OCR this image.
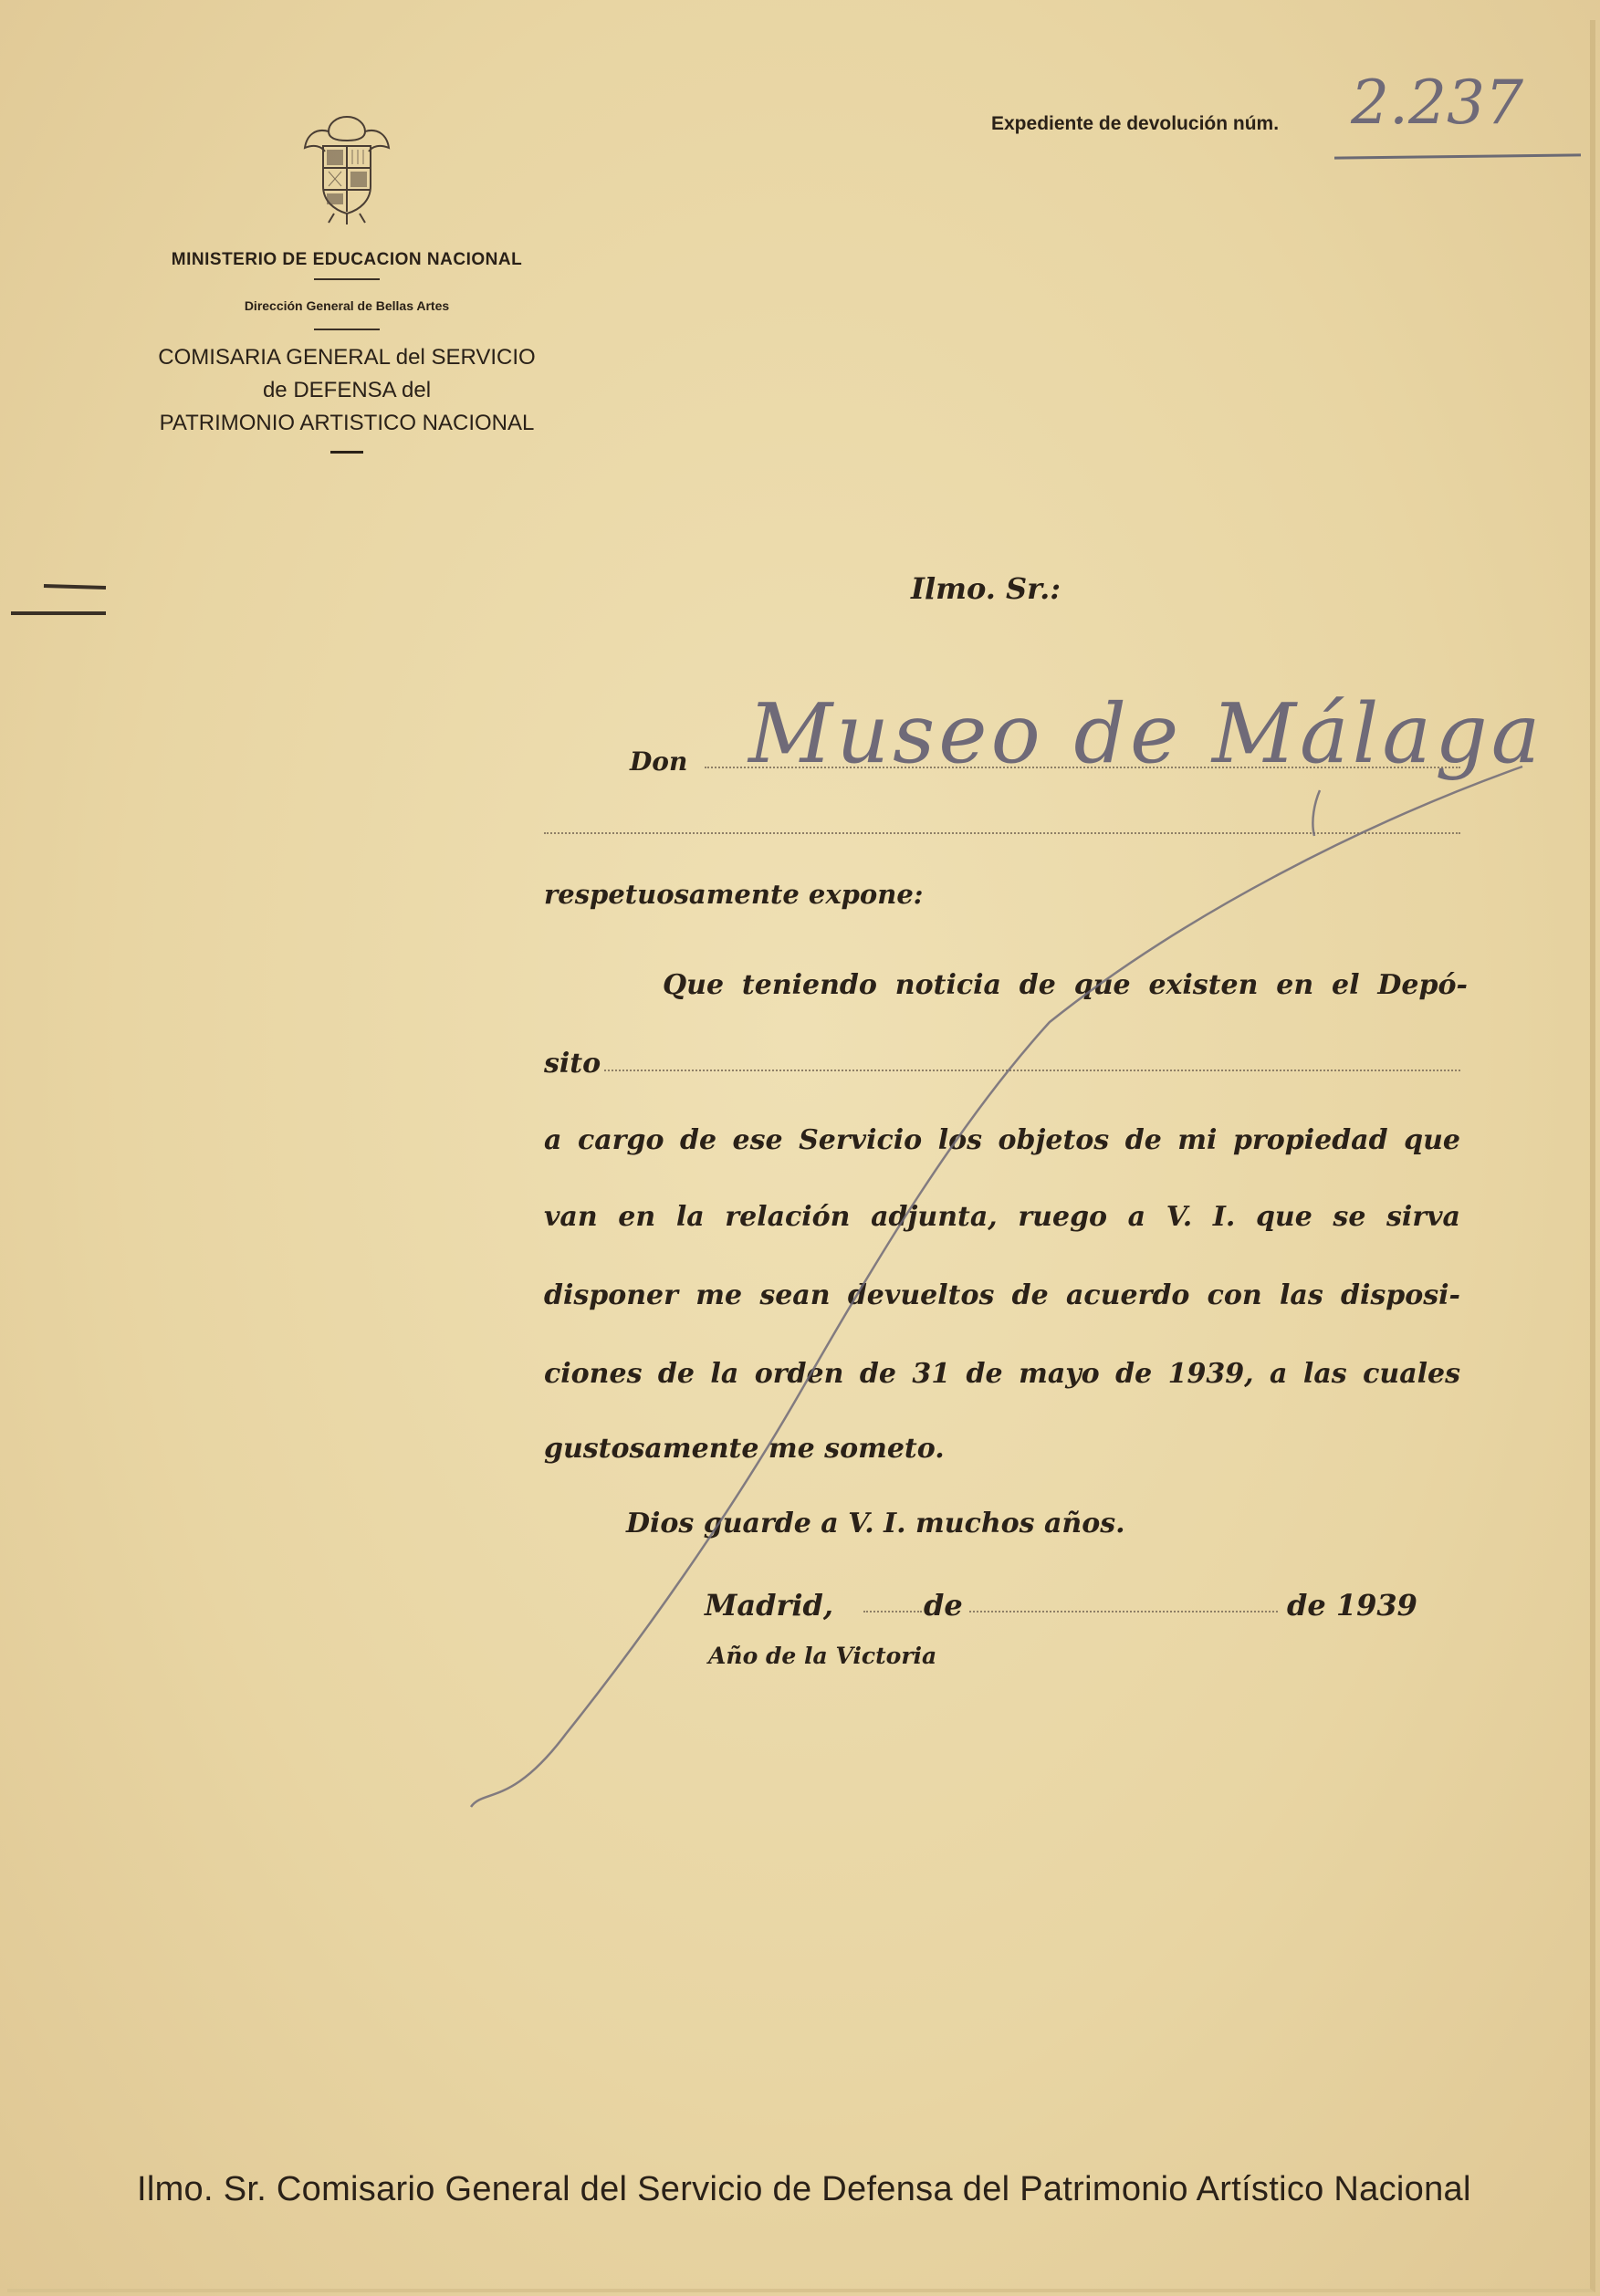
MINISTERIO DE EDUCACION NACIONAL
Dirección General de Bellas Artes
COMISARIA GENERAL del SERVICIO
de DEFENSA del
PATRIMONIO ARTISTICO NACIONAL
Expediente de devolución núm. 2.237
Ilmo. Sr.:
Don Museo de Málaga
respetuosamente expone:
Que teniendo noticia de que existen en el Depó-
sito
a cargo de ese Servicio los objetos de mi propiedad que
van en la relación adjunta, ruego a V. I. que se sirva
disponer me sean devueltos de acuerdo con las disposi-
ciones de la orden de 31 de mayo de 1939, a las cuales
gustosamente me someto.
Dios guarde a V. I. muchos años.
Madrid,	de	de 1939
Año de la Victoria
Ilmo. Sr. Comisario General del Servicio de Defensa del Patrimonio Artístico Nacional
